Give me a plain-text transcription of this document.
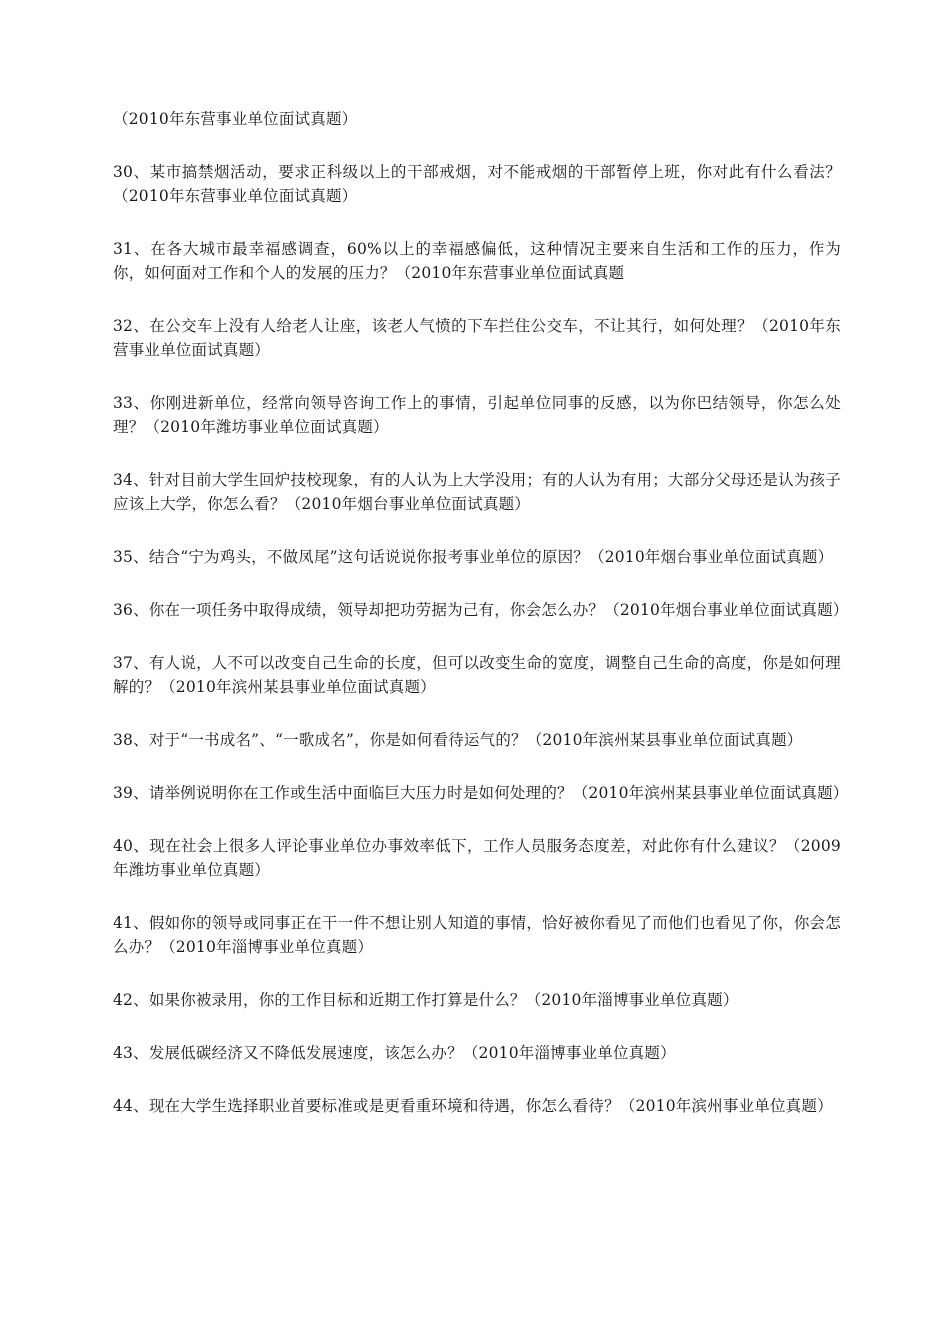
（2010年东营事业单位面试真题）

30、某市搞禁烟活动，要求正科级以上的干部戒烟，对不能戒烟的干部暂停上班，你对此有什么看法？（2010年东营事业单位面试真题）

31、在各大城市最幸福感调查，60%以上的幸福感偏低，这种情况主要来自生活和工作的压力，作为你，如何面对工作和个人的发展的压力？（2010年东营事业单位面试真题

32、在公交车上没有人给老人让座，该老人气愤的下车拦住公交车，不让其行，如何处理？（2010年东营事业单位面试真题）

33、你刚进新单位，经常向领导咨询工作上的事情，引起单位同事的反感，以为你巴结领导，你怎么处理？（2010年潍坊事业单位面试真题）

34、针对目前大学生回炉技校现象，有的人认为上大学没用；有的人认为有用；大部分父母还是认为孩子应该上大学，你怎么看？（2010年烟台事业单位面试真题）

35、结合“宁为鸡头，不做凤尾”这句话说说你报考事业单位的原因？（2010年烟台事业单位面试真题）

36、你在一项任务中取得成绩，领导却把功劳据为己有，你会怎么办？（2010年烟台事业单位面试真题）

37、有人说，人不可以改变自己生命的长度，但可以改变生命的宽度，调整自己生命的高度，你是如何理解的？（2010年滨州某县事业单位面试真题）

38、对于“一书成名”、“一歌成名”，你是如何看待运气的？（2010年滨州某县事业单位面试真题）

39、请举例说明你在工作或生活中面临巨大压力时是如何处理的？（2010年滨州某县事业单位面试真题）

40、现在社会上很多人评论事业单位办事效率低下，工作人员服务态度差，对此你有什么建议？（2009年潍坊事业单位真题）

41、假如你的领导或同事正在干一件不想让别人知道的事情，恰好被你看见了而他们也看见了你，你会怎么办？（2010年淄博事业单位真题）

42、如果你被录用，你的工作目标和近期工作打算是什么？（2010年淄博事业单位真题）

43、发展低碳经济又不降低发展速度，该怎么办？（2010年淄博事业单位真题）

44、现在大学生选择职业首要标准或是更看重环境和待遇，你怎么看待？（2010年滨州事业单位真题）
